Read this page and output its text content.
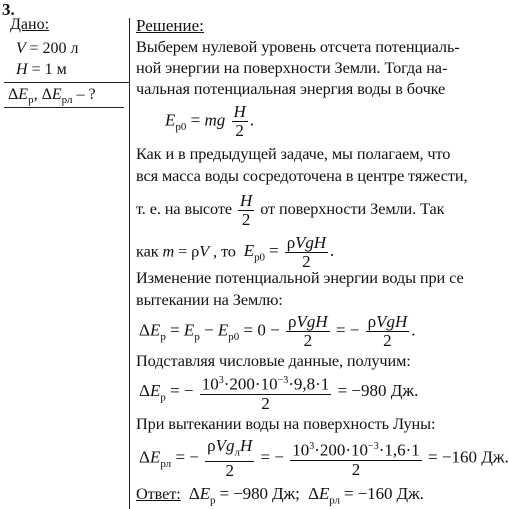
3.
Дано:
V = 200 л
H = 1 м
$\Delta E_р$, $\Delta E_{рл}$ – ?
Решение:
Выберем нулевой уровень отсчета потенциаль-
ной энергии на поверхности Земли. Тогда на-
чальная потенциальная энергия воды в бочке
$E_{р0}$ = mg $\frac{H}{2}$ .
Как и в предыдущей задаче, мы полагаем, что
вся масса воды сосредоточена в центре тяжести,
т. е. на высоте $\frac{H}{2}$ от поверхности Земли. Так
как m = ρV , то  $E_{р0} = \frac{\text{ρVgH}}{2}$ .
Изменение потенциальной энергии воды при се
вытекании на Землю:
$\Delta E_р = E_р - E_{р0} = 0 - \frac{\text{ρVgH}}{2}$ = − $\frac{\text{ρVgH}}{2}$ .
Подставляя числовые данные, получим:
$\Delta E_р$ = − $\frac{10^3\cdot 200\cdot 10^{-3}\cdot 9,8\cdot 1}{2} = -980$ Дж.
При вытекании воды на поверхность Луны:
$\Delta E_{рл}$ = − $\frac{\rho Vg_лH}{2}$ = − $\frac{10^3\cdot 200\cdot 10^{-3}\cdot 1,6\cdot 1}{2} = -160$ Дж.
Ответ:  $\Delta E_р = -980$ Дж;  $\Delta E_{рл} = -160$ Дж.
